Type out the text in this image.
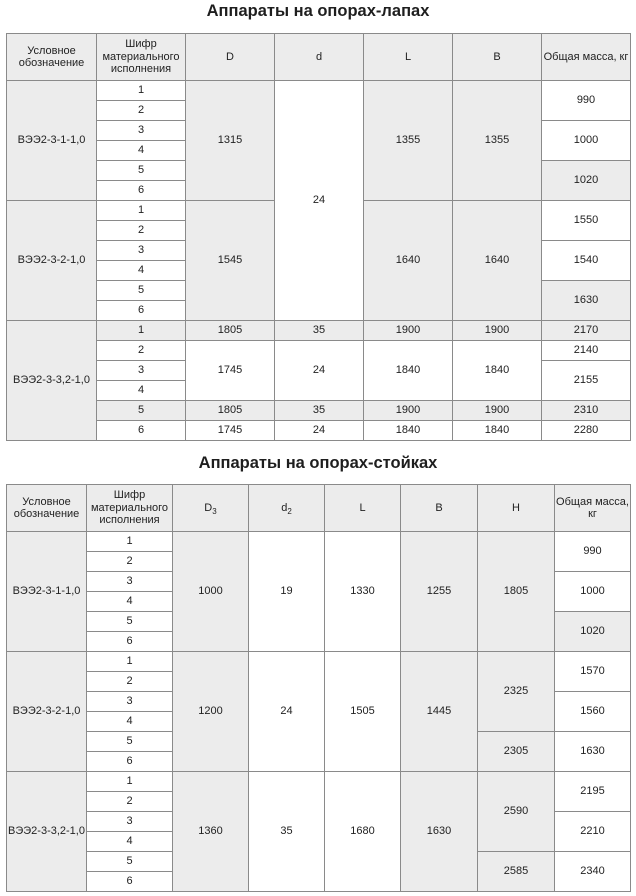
Аппараты на опорах-лапах
Условное обозначение	Шифр материального исполнения	D	d	L	B	Общая масса, кг
ВЭЭ2-3-1-1,0	1	1315	24	1355	1355	990
	2					
	3					1000
	4					
	5					1020
	6					
ВЭЭ2-3-2-1,0	1	1545		1640	1640	1550
	2					
	3					1540
	4					
	5					1630
	6					
ВЭЭ2-3-3,2-1,0	1	1805	35	1900	1900	2170
	2	1745	24	1840	1840	2140
	3					2155
	4					
	5	1805	35	1900	1900	2310
	6	1745	24	1840	1840	2280
Аппараты на опорах-стойках
Условное обозначение	Шифр материального исполнения	$D_3$	$d_2$	L	B	H	Общая масса, кг
ВЭЭ2-3-1-1,0	1	1000	19	1330	1255	1805	990
	2						
	3						1000
	4						
	5						1020
	6						
ВЭЭ2-3-2-1,0	1	1200	24	1505	1445	2325	1570
	2						
	3						1560
	4						
	5					2305	1630
	6						
ВЭЭ2-3-3,2-1,0	1	1360	35	1680	1630	2590	2195
	2						
	3						2210
	4						
	5					2585	2340
	6						
